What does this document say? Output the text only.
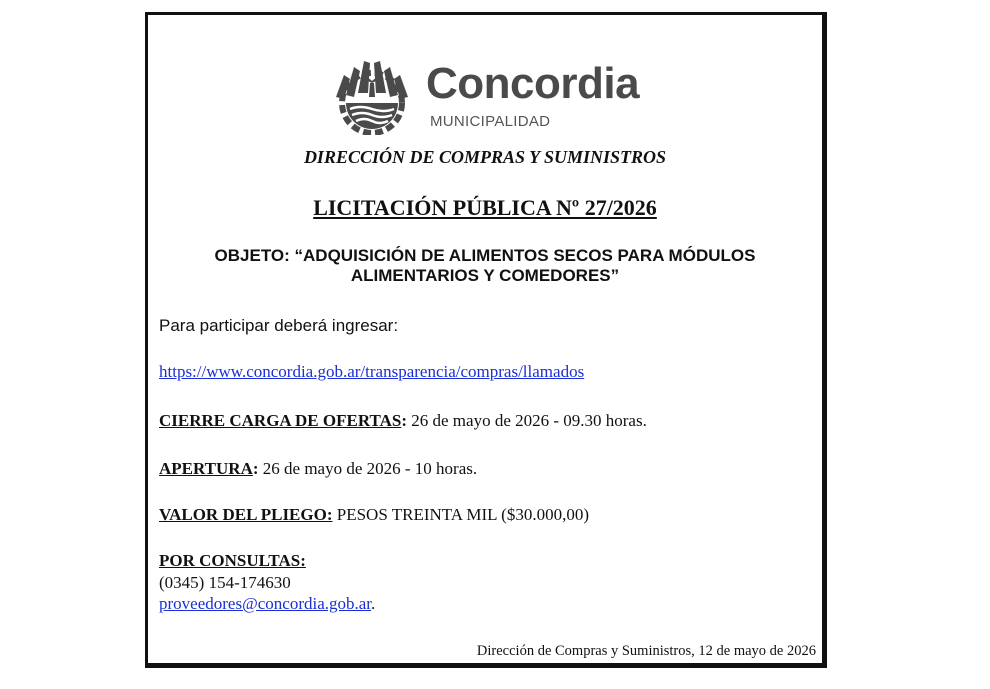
Concordia
MUNICIPALIDAD
DIRECCIÓN DE COMPRAS Y SUMINISTROS
LICITACIÓN PÚBLICA Nº 27/2026
OBJETO: “ADQUISICIÓN DE ALIMENTOS SECOS PARA MÓDULOS
ALIMENTARIOS Y COMEDORES”
Para participar deberá ingresar:
https://www.concordia.gob.ar/transparencia/compras/llamados
CIERRE CARGA DE OFERTAS: 26 de mayo de 2026 - 09.30 horas.
APERTURA: 26 de mayo de 2026 - 10 horas.
VALOR DEL PLIEGO: PESOS TREINTA MIL ($30.000,00)
POR CONSULTAS:
(0345) 154-174630
proveedores@concordia.gob.ar.
Dirección de Compras y Suministros, 12 de mayo de 2026
